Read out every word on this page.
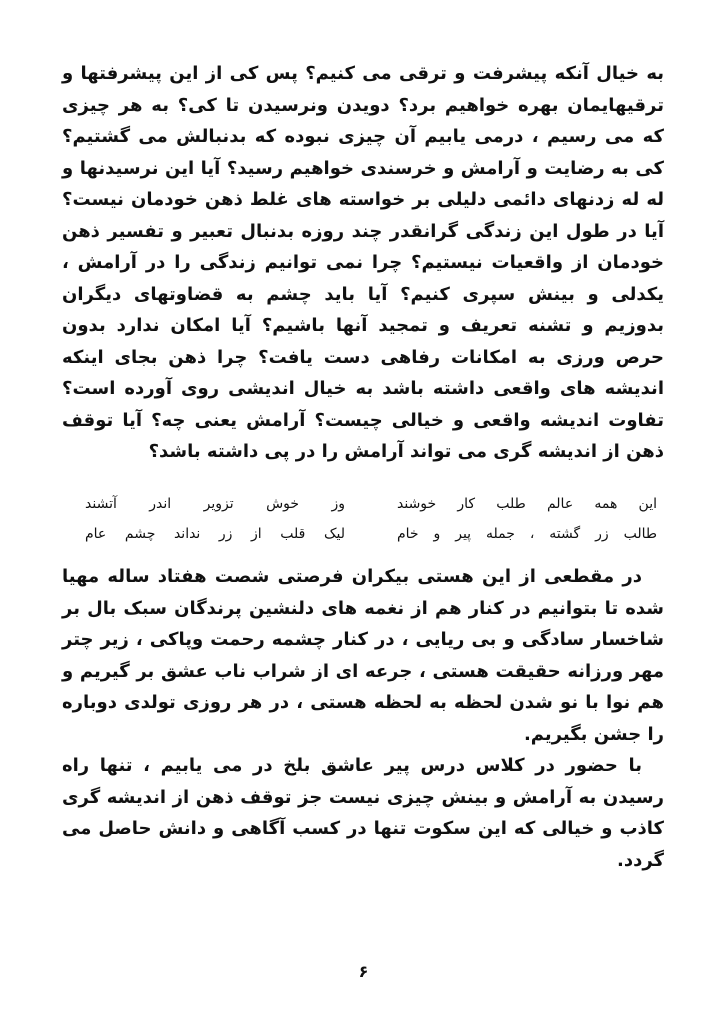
به خیال آنکه پیشرفت و ترقی می کنیم؟ پس کی از این پیشرفتها و ترقیهایمان بهره خواهیم برد؟ دویدن ونرسیدن تا کی؟ به هر چیزی که می رسیم ، درمی یابیم آن چیزی نبوده که بدنبالش می گشتیم؟ کی به رضایت و آرامش و خرسندی خواهیم رسید؟ آیا این نرسیدنها و له له زدنهای دائمی دلیلی بر خواسته های غلط ذهن خودمان نیست؟ آیا در طول این زندگی گرانقدر چند روزه بدنبال تعبیر و تفسیر ذهن خودمان از واقعیات نیستیم؟ چرا نمی توانیم زندگی را در آرامش ، یکدلی و بینش سپری کنیم؟ آیا باید چشم به قضاوتهای دیگران بدوزیم و تشنه تعریف و تمجید آنها باشیم؟ آیا امکان ندارد بدون حرص ورزی به امکانات رفاهی دست یافت؟ چرا ذهن بجای اینکه اندیشه های واقعی داشته باشد به خیال اندیشی روی آورده است؟ تفاوت اندیشه واقعی و خیالی چیست؟ آرامش یعنی چه؟ آیا توقف ذهن از اندیشه گری می تواند آرامش را در پی داشته باشد؟

این همه عالم طلب کار خوشند
وز خوش تزویر اندر آتشند
طالب زر گشته ، جمله پیر و خام
لیک قلب از زر نداند چشم عام

در مقطعی از این هستی بیکران فرصتی شصت هفتاد ساله مهیا شده تا بتوانیم در کنار هم از نغمه های دلنشین پرندگان سبک بال بر شاخسار سادگی و بی ریایی ، در کنار چشمه رحمت وپاکی ، زیر چتر مهر ورزانه حقیقت هستی ، جرعه ای از شراب ناب عشق بر گیریم و هم نوا با نو شدن لحظه به لحظه هستی ، در هر روزی تولدی دوباره را جشن بگیریم.

با حضور در کلاس درس پیر عاشق بلخ در می یابیم ، تنها راه رسیدن به آرامش و بینش چیزی نیست جز توقف ذهن از اندیشه گری کاذب و خیالی که این سکوت تنها در کسب آگاهی و دانش حاصل می گردد.

۶
